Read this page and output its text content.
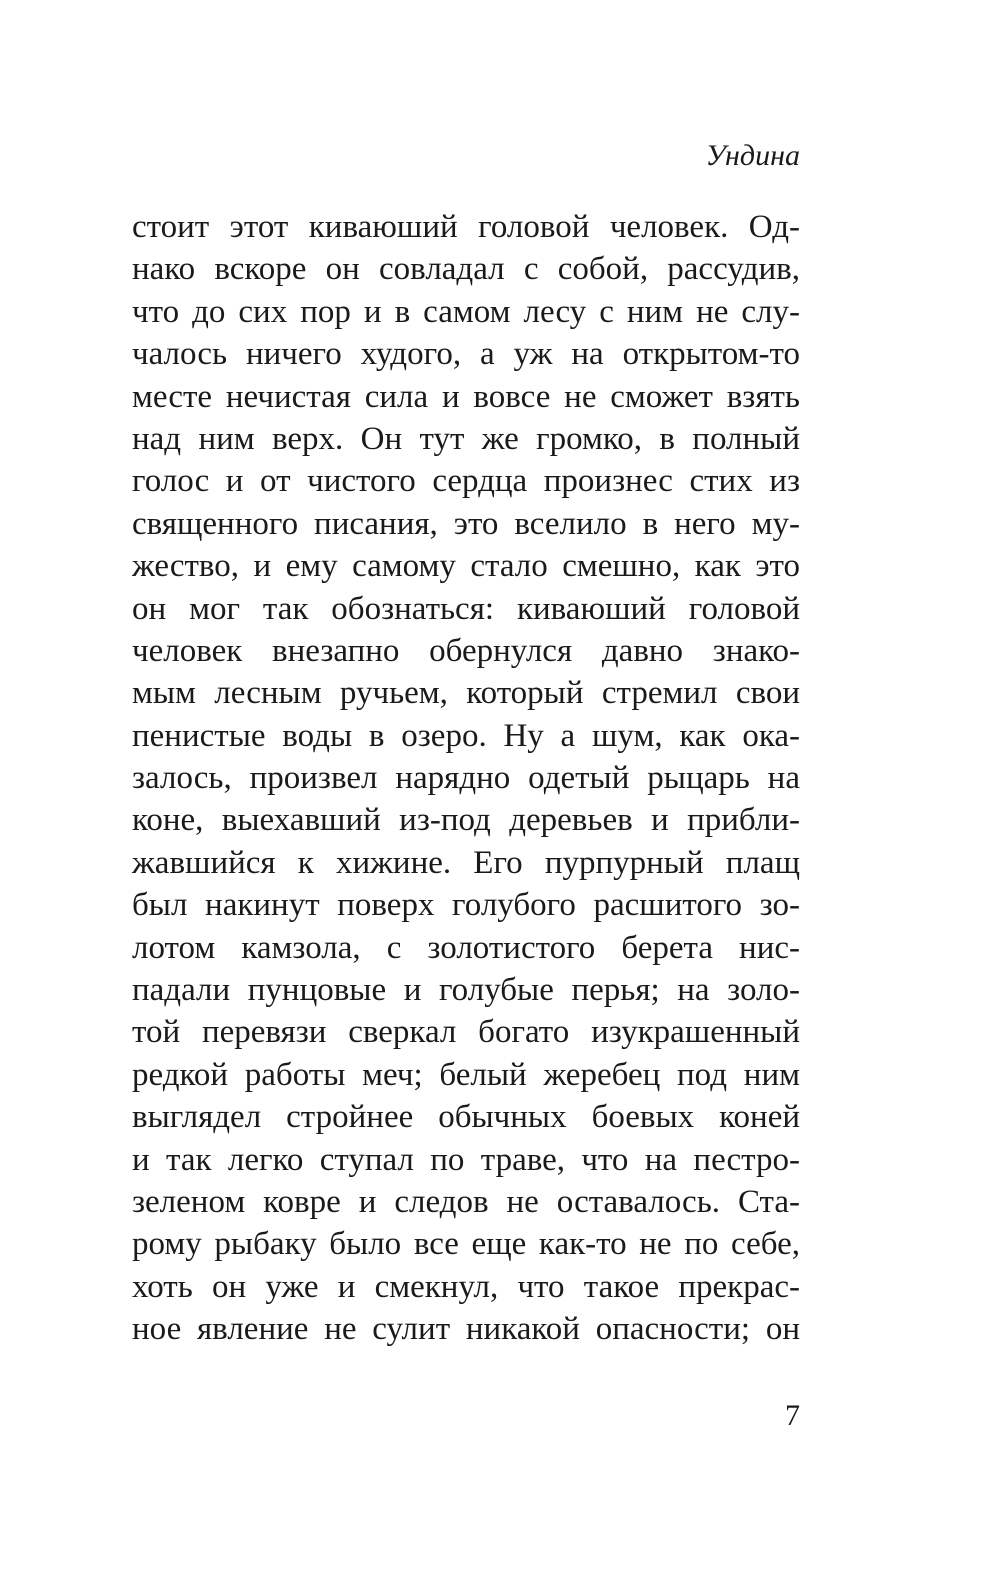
Ундина
стоит этот киваюший головой человек. Од-
нако вскоре он совладал с собой, рассудив,
что до сих пор и в самом лесу с ним не слу-
чалось ничего худого, а уж на открытом-то
месте нечистая сила и вовсе не сможет взять
над ним верх. Он тут же громко, в полный
голос и от чистого сердца произнес стих из
священного писания, это вселило в него му-
жество, и ему самому стало смешно, как это
он мог так обознаться: киваюший головой
человек внезапно обернулся давно знако-
мым лесным ручьем, который стремил свои
пенистые воды в озеро. Ну а шум, как ока-
залось, произвел нарядно одетый рыцарь на
коне, выехавший из-под деревьев и прибли-
жавшийся к хижине. Его пурпурный плащ
был накинут поверх голубого расшитого зо-
лотом камзола, с золотистого берета нис-
падали пунцовые и голубые перья; на золо-
той перевязи сверкал богато изукрашенный
редкой работы меч; белый жеребец под ним
выглядел стройнее обычных боевых коней
и так легко ступал по траве, что на пестро-
зеленом ковре и следов не оставалось. Ста-
рому рыбаку было все еще как-то не по себе,
хоть он уже и смекнул, что такое прекрас-
ное явление не сулит никакой опасности; он
7
